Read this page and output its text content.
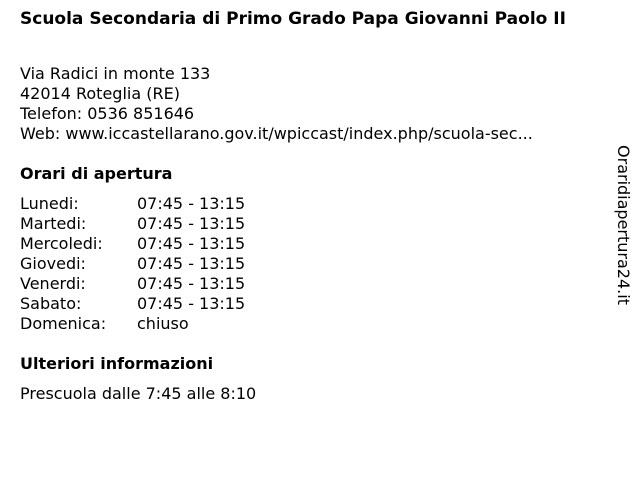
Scuola Secondaria di Primo Grado Papa Giovanni Paolo II
Via Radici in monte 133
42014 Roteglia (RE)
Telefon: 0536 851646
Web: www.iccastellarano.gov.it/wpiccast/index.php/scuola-sec...
Orari di apertura
Lunedi:	07:45 - 13:15
Martedi:	07:45 - 13:15
Mercoledi:	07:45 - 13:15
Giovedi:	07:45 - 13:15
Venerdi:	07:45 - 13:15
Sabato:	07:45 - 13:15
Domenica:	chiuso
Ulteriori informazioni
Prescuola dalle 7:45 alle 8:10
Oraridiapertura24.it
